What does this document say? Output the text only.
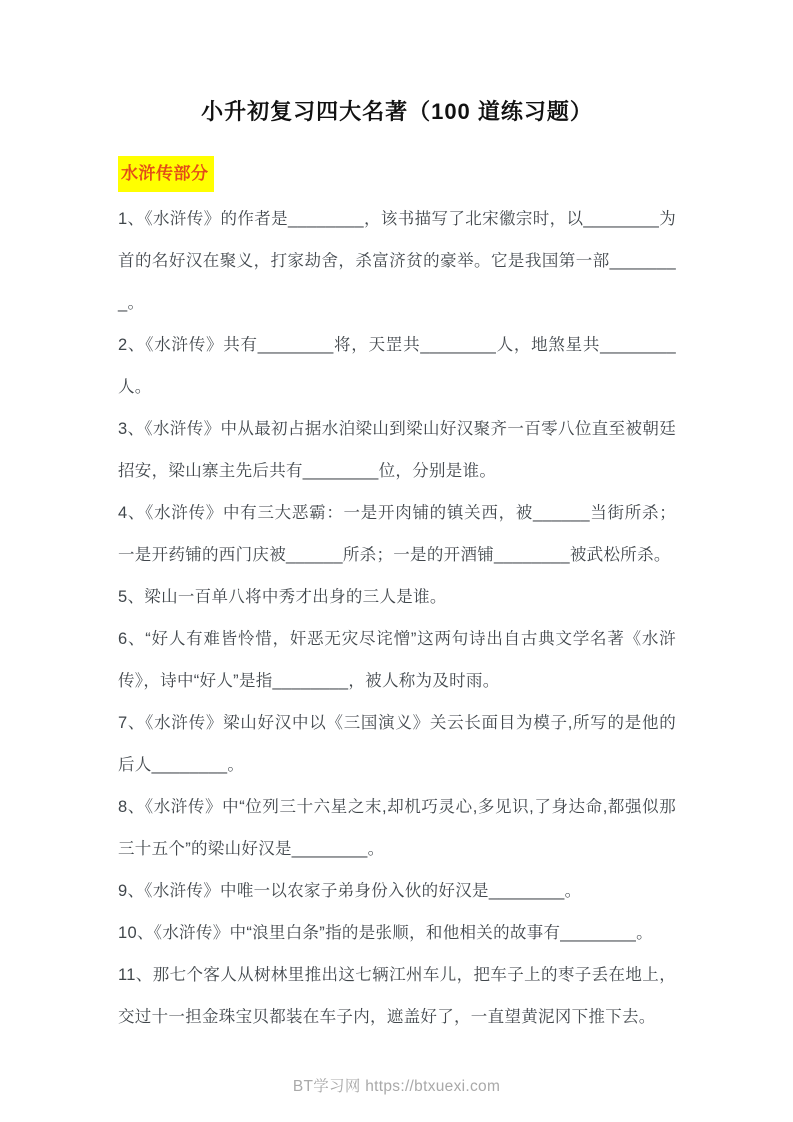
小升初复习四大名著（100 道练习题）
水浒传部分

1、《水浒传》的作者是________，该书描写了北宋徽宗时，以________为首的名好汉在聚义，打家劫舍，杀富济贫的豪举。它是我国第一部________。

2、《水浒传》共有________将，天罡共________人，地煞星共________人。

3、《水浒传》中从最初占据水泊梁山到梁山好汉聚齐一百零八位直至被朝廷招安，梁山寨主先后共有________位，分别是谁。

4、《水浒传》中有三大恶霸：一是开肉铺的镇关西，被______当街所杀；一是开药铺的西门庆被______所杀；一是的开酒铺________被武松所杀。

5、梁山一百单八将中秀才出身的三人是谁。

6、“好人有难皆怜惜，奸恶无灾尽诧憎”这两句诗出自古典文学名著《水浒传》，诗中“好人”是指________，被人称为及时雨。

7、《水浒传》梁山好汉中以《三国演义》关云长面目为模子,所写的是他的后人________。

8、《水浒传》中“位列三十六星之末,却机巧灵心,多见识,了身达命,都强似那三十五个”的梁山好汉是________。

9、《水浒传》中唯一以农家子弟身份入伙的好汉是________。

10、《水浒传》中“浪里白条”指的是张顺，和他相关的故事有________。

11、那七个客人从树林里推出这七辆江州车儿，把车子上的枣子丢在地上，交过十一担金珠宝贝都装在车子内，遮盖好了，一直望黄泥冈下推下去。

BT学习网 https://btxuexi.com
